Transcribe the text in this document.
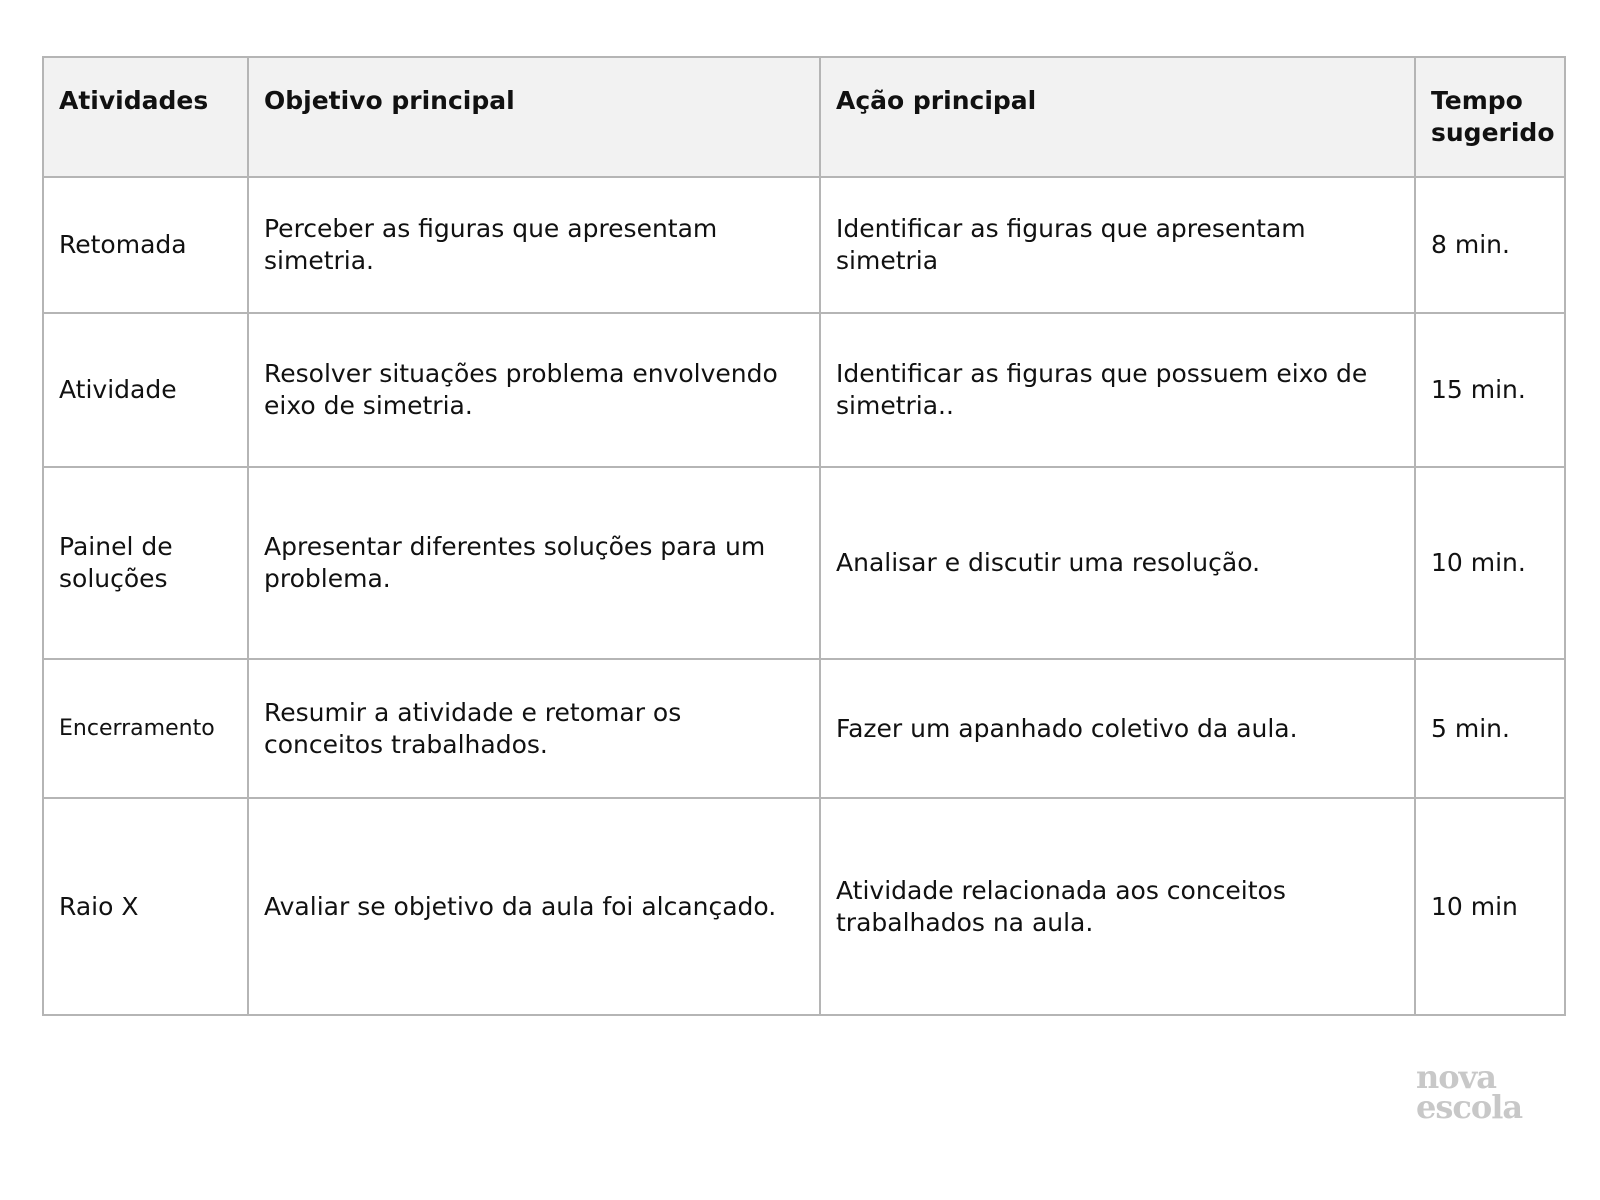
Atividades	Objetivo principal	Ação principal	Tempo sugerido
Retomada	Perceber as figuras que apresentam simetria.	Identificar as figuras que apresentam simetria	8 min.
Atividade	Resolver situações problema envolvendo eixo de simetria.	Identificar as figuras que possuem eixo de simetria..	15 min.
Painel de soluções	Apresentar diferentes soluções para um problema.	Analisar e discutir uma resolução.	10 min.
Encerramento	Resumir a atividade e retomar os conceitos trabalhados.	Fazer um apanhado coletivo da aula.	5 min.
Raio X	Avaliar se objetivo da aula foi alcançado.	Atividade relacionada aos conceitos trabalhados na aula.	10 min
nova
escola
